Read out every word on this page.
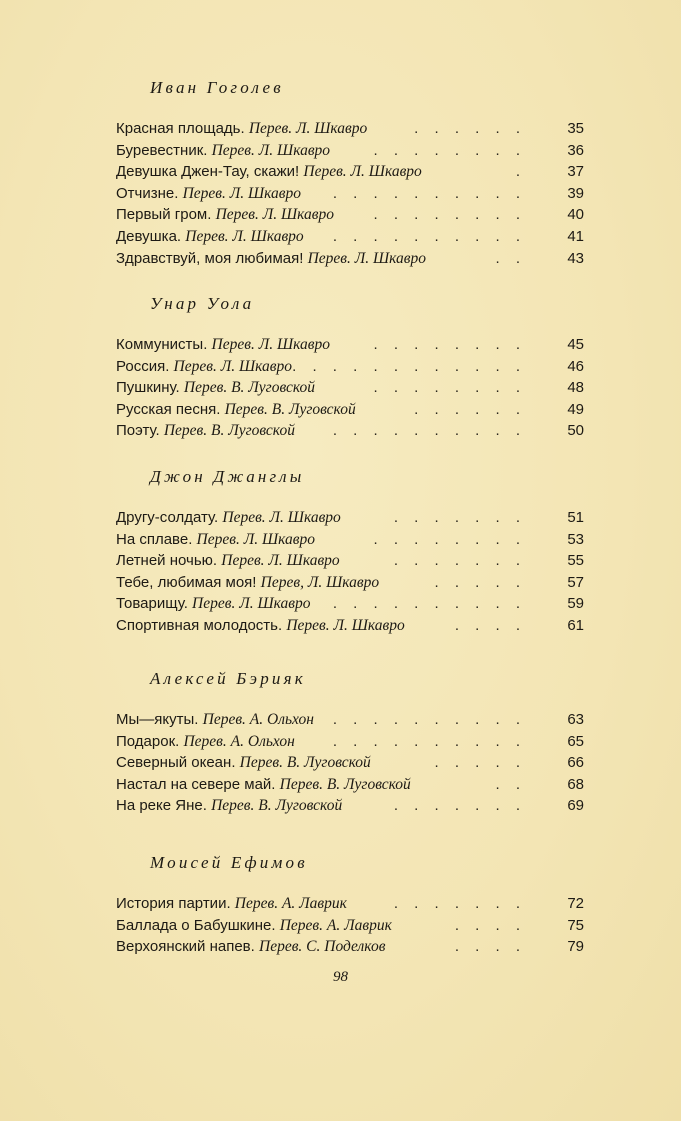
Иван Гоголев
Красная площадь. Перев. Л. Шкавро	. . . . . .	35
Буревестник. Перев. Л. Шкавро	. . . . . . . .	36
Девушка Джен-Тау, скажи! Перев. Л. Шкавро	.	37
Отчизне. Перев. Л. Шкавро . . . . . . . . . .	39
Первый гром. Перев. Л. Шкавро	. . . . . . . .	40
Девушка. Перев. Л. Шкавро . . . . . . . . . .	41
Здравствуй, моя любимая! Перев. Л. Шкавро	. .	43
Унар Уола
Коммунисты. Перев. Л. Шкавро	. . . . . . . .	45
Россия. Перев. Л. Шкавро . . . . . . . . . . . .	46
Пушкину. Перев. В. Луговской	. . . . . . . .	48
Русская песня. Перев. В. Луговской	. . . . . .	49
Поэту. Перев. В. Луговской	. . . . . . . . . .	50
Джон Джанглы
Другу-солдату. Перев. Л. Шкавро	. . . . . . .	51
На сплаве. Перев. Л. Шкавро	. . . . . . . .	53
Летней ночью. Перев. Л. Шкавро	. . . . . . .	55
Тебе, любимая моя! Перев, Л. Шкавро	. . . . .	57
Товарищу. Перев. Л. Шкавро . . . . . . . . . .	59
Спортивная молодость. Перев. Л. Шкавро	. . . .	61
Алексей Бэрияк
Мы—якуты. Перев. А. Ольхон . . . . . . . . . .	63
Подарок. Перев. А. Ольхон	. . . . . . . . . .	65
Северный океан. Перев. В. Луговской	. . . . .	66
Настал на севере май. Перев. В. Луговской	. .	68
На реке Яне. Перев. В. Луговской	. . . . . . .	69
Моисей Ефимов
История партии. Перев. А. Лаврик	. . . . . . .	72
Баллада о Бабушкине. Перев. А. Лаврик	. . . .	75
Верхоянский напев. Перев. С. Поделков	. . . .	79
98
